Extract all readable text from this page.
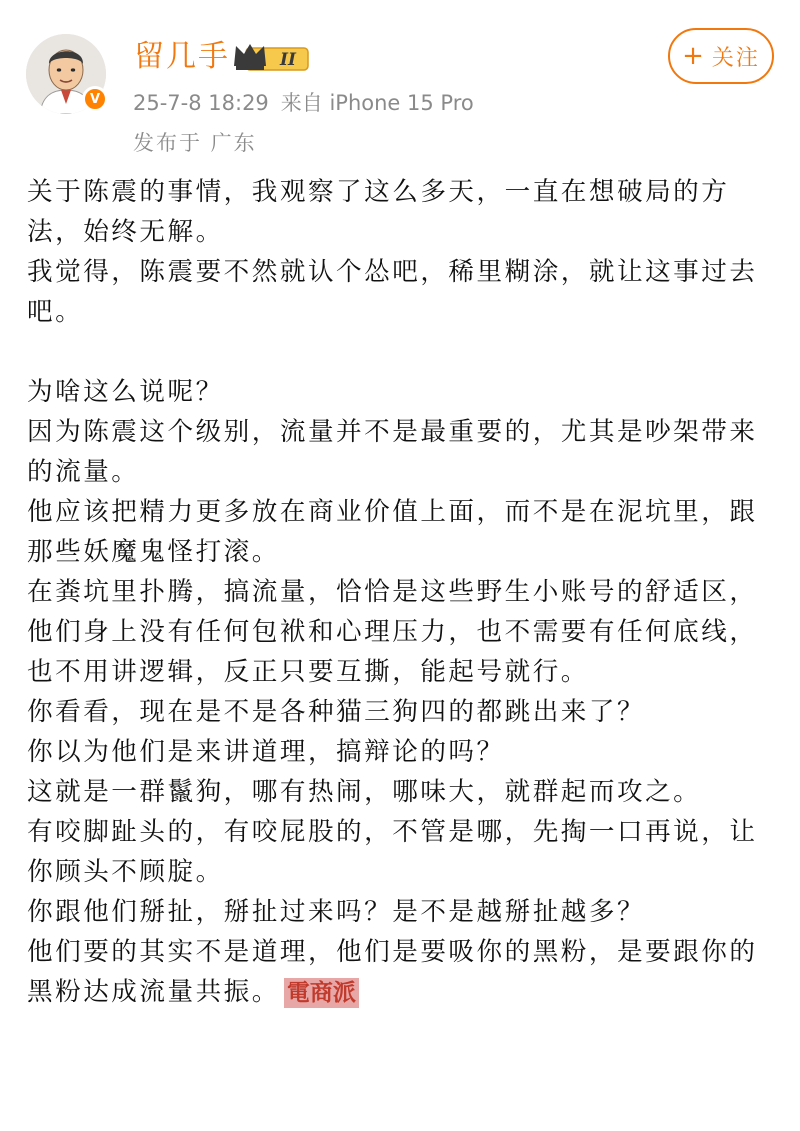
V
留几手	II
25-7-8 18:29 来自 iPhone 15 Pro
发布于 广东
+ 关注

关于陈震的事情，我观察了这么多天，一直在想破局的方法，始终无解。

我觉得，陈震要不然就认个怂吧，稀里糊涂，就让这事过去吧。

为啥这么说呢？

因为陈震这个级别，流量并不是最重要的，尤其是吵架带来的流量。

他应该把精力更多放在商业价值上面，而不是在泥坑里，跟那些妖魔鬼怪打滚。

在粪坑里扑腾，搞流量，恰恰是这些野生小账号的舒适区，他们身上没有任何包袱和心理压力，也不需要有任何底线，也不用讲逻辑，反正只要互撕，能起号就行。

你看看，现在是不是各种猫三狗四的都跳出来了？

你以为他们是来讲道理，搞辩论的吗？

这就是一群鬣狗，哪有热闹，哪味大，就群起而攻之。

有咬脚趾头的，有咬屁股的，不管是哪，先掏一口再说，让你顾头不顾腚。

你跟他们掰扯，掰扯过来吗？是不是越掰扯越多？

他们要的其实不是道理，他们是要吸你的黑粉，是要跟你的黑粉达成流量共振。 電商派
